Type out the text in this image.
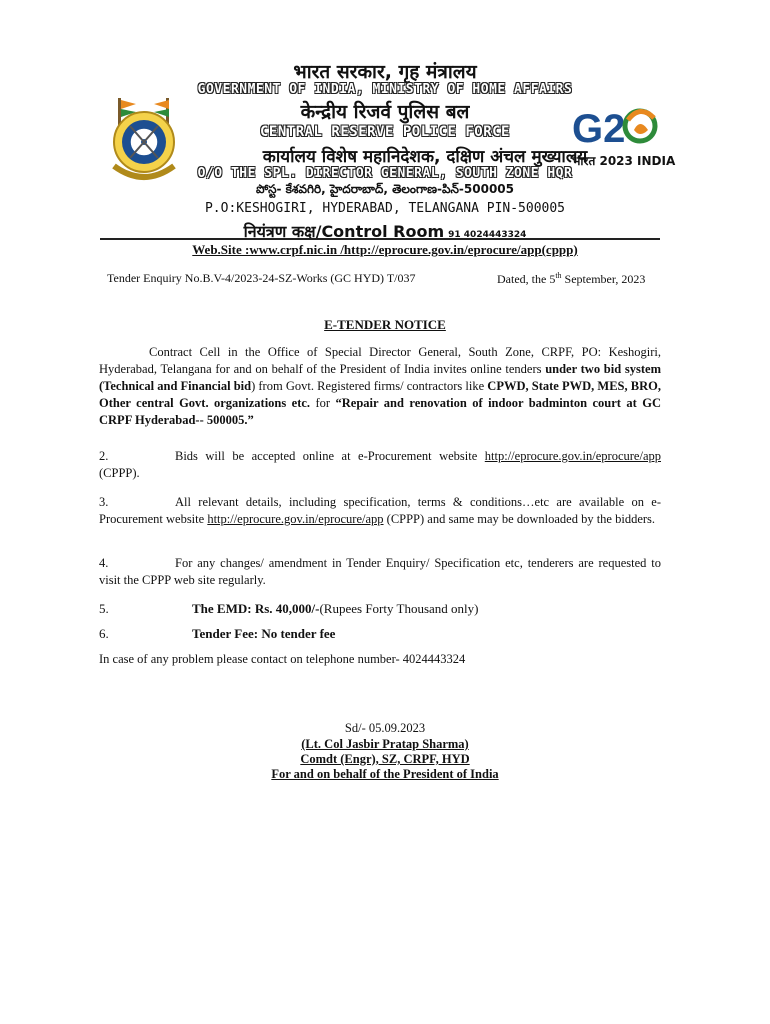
G2
भारत 2023 INDIA
भारत सरकार, गृह मंत्रालय
GOVERNMENT OF INDIA, MINISTRY OF HOME AFFAIRS
केन्द्रीय रिजर्व पुलिस बल
CENTRAL RESERVE POLICE FORCE
कार्यालय विशेष महानिदेशक, दक्षिण अंचल मुख्यालय
O/O THE SPL. DIRECTOR GENERAL, SOUTH ZONE HQR
పోస్ట- కేశవగిరి, హైదరాబాద్, తెలంగాణ-పిన్-500005
P.O:KESHOGIRI, HYDERABAD, TELANGANA PIN-500005
नियंत्रण कक्ष/Control Room 91 4024443324
Web.Site :www.crpf.nic.in /http://eprocure.gov.in/eprocure/app(cppp)
Tender Enquiry No.B.V-4/2023-24-SZ-Works (GC HYD) T/037	Dated, the 5th September, 2023
E-TENDER NOTICE
Contract Cell in the Office of Special Director General, South Zone, CRPF, PO: Keshogiri, Hyderabad, Telangana for and on behalf of the President of India invites online tenders under two bid system (Technical and Financial bid) from Govt. Registered firms/ contractors like CPWD, State PWD, MES, BRO, Other central Govt. organizations etc. for “Repair and renovation of indoor badminton court at GC CRPF Hyderabad-- 500005.”
2.	Bids will be accepted online at e-Procurement website http://eprocure.gov.in/eprocure/app (CPPP).
3.	All relevant details, including specification, terms & conditions…etc are available on e-Procurement website http://eprocure.gov.in/eprocure/app (CPPP) and same may be downloaded by the bidders.
4.	For any changes/ amendment in Tender Enquiry/ Specification etc, tenderers are requested to visit the CPPP web site regularly.
5.	The EMD: Rs. 40,000/-(Rupees Forty Thousand only)
6.	Tender Fee: No tender fee
In case of any problem please contact on telephone number- 4024443324
Sd/- 05.09.2023
(Lt. Col Jasbir Pratap Sharma)
Comdt (Engr), SZ, CRPF, HYD
For and on behalf of the President of India
